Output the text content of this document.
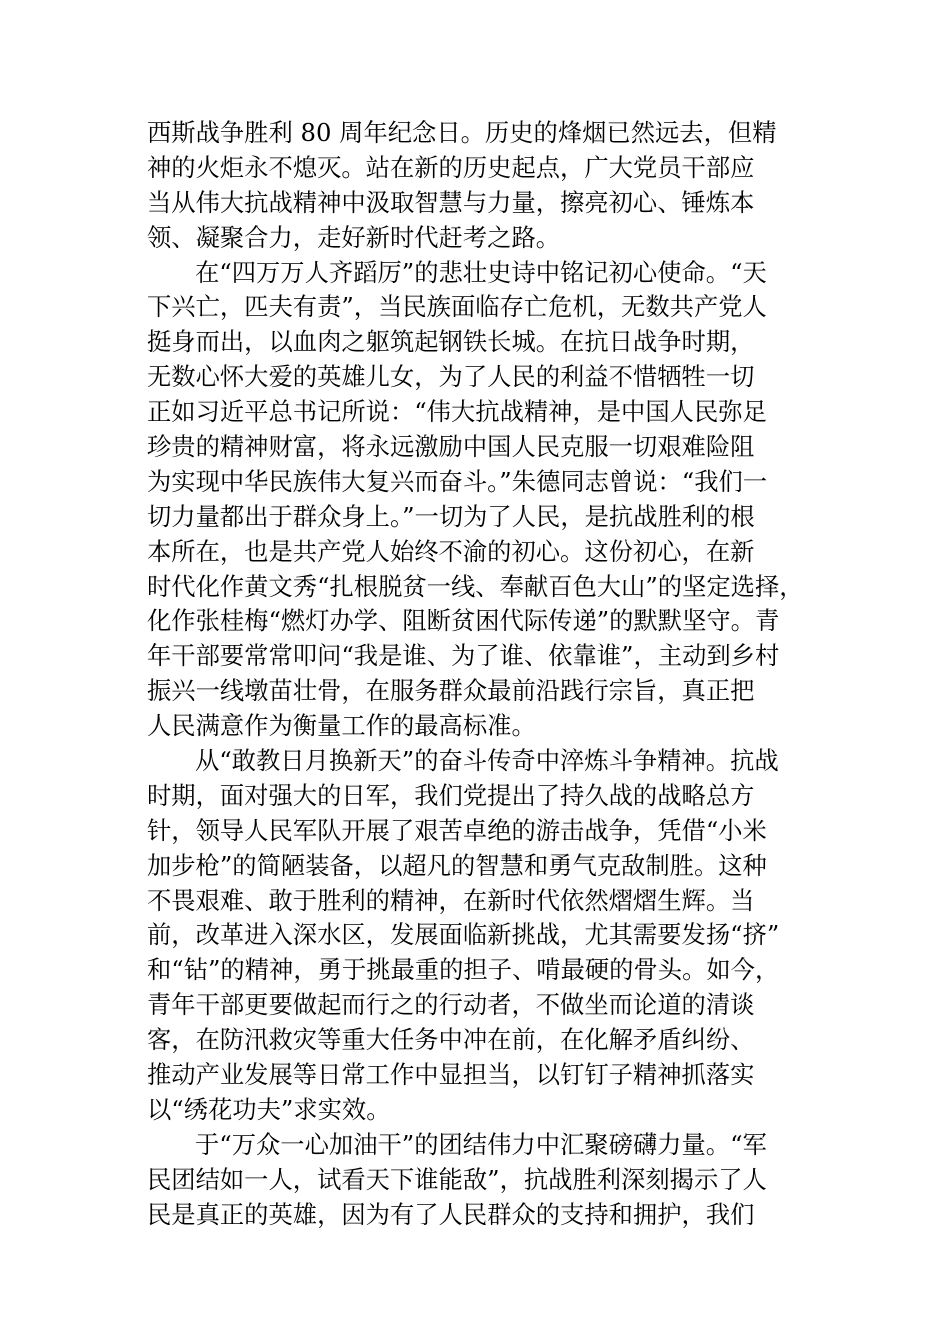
西斯战争胜利 80 周年纪念日。历史的烽烟已然远去，但精
神的火炬永不熄灭。站在新的历史起点，广大党员干部应
当从伟大抗战精神中汲取智慧与力量，擦亮初心、锤炼本
领、凝聚合力，走好新时代赶考之路。
在“四万万人齐蹈厉”的悲壮史诗中铭记初心使命。“天
下兴亡，匹夫有责”，当民族面临存亡危机，无数共产党人
挺身而出，以血肉之躯筑起钢铁长城。在抗日战争时期，
无数心怀大爱的英雄儿女，为了人民的利益不惜牺牲一切
正如习近平总书记所说：“伟大抗战精神，是中国人民弥足
珍贵的精神财富，将永远激励中国人民克服一切艰难险阻
为实现中华民族伟大复兴而奋斗。”朱德同志曾说：“我们一
切力量都出于群众身上。”一切为了人民，是抗战胜利的根
本所在，也是共产党人始终不渝的初心。这份初心，在新
时代化作黄文秀“扎根脱贫一线、奉献百色大山”的坚定选择，
化作张桂梅“燃灯办学、阻断贫困代际传递”的默默坚守。青
年干部要常常叩问“我是谁、为了谁、依靠谁”，主动到乡村
振兴一线墩苗壮骨，在服务群众最前沿践行宗旨，真正把
人民满意作为衡量工作的最高标准。
从“敢教日月换新天”的奋斗传奇中淬炼斗争精神。抗战
时期，面对强大的日军，我们党提出了持久战的战略总方
针，领导人民军队开展了艰苦卓绝的游击战争，凭借“小米
加步枪”的简陋装备，以超凡的智慧和勇气克敌制胜。这种
不畏艰难、敢于胜利的精神，在新时代依然熠熠生辉。当
前，改革进入深水区，发展面临新挑战，尤其需要发扬“挤”
和“钻”的精神，勇于挑最重的担子、啃最硬的骨头。如今，
青年干部更要做起而行之的行动者，不做坐而论道的清谈
客，在防汛救灾等重大任务中冲在前，在化解矛盾纠纷、
推动产业发展等日常工作中显担当，以钉钉子精神抓落实
以“绣花功夫”求实效。
于“万众一心加油干”的团结伟力中汇聚磅礴力量。“军
民团结如一人，试看天下谁能敌”，抗战胜利深刻揭示了人
民是真正的英雄，因为有了人民群众的支持和拥护，我们
